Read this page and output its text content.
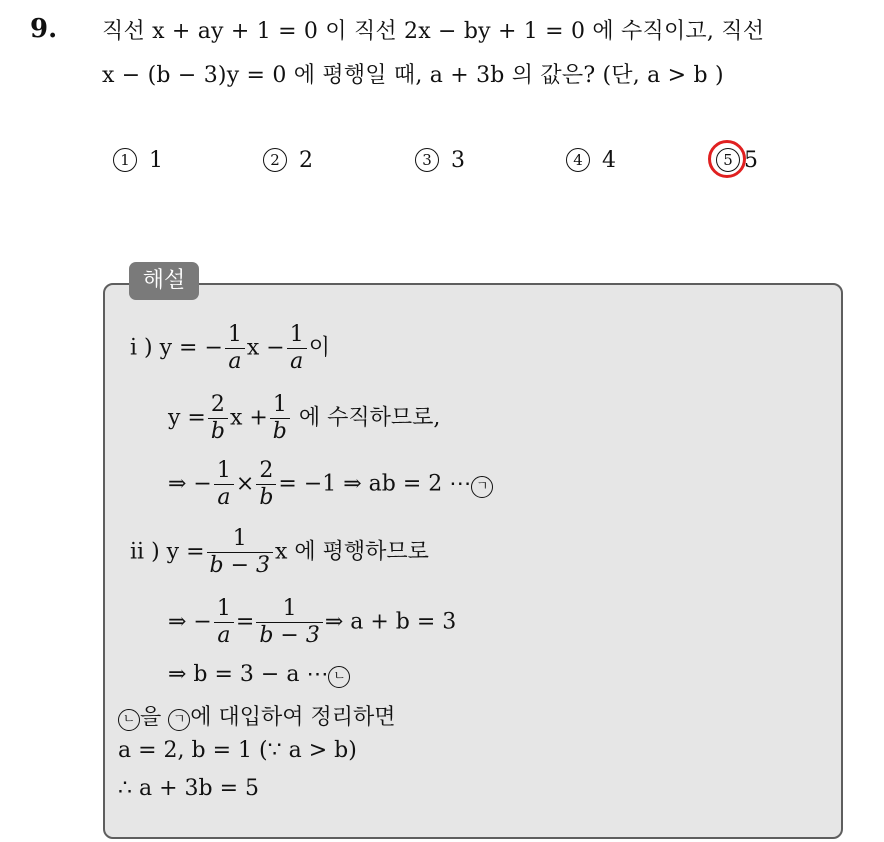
9. 직선 x + ay + 1 = 0 이 직선 2x − by + 1 = 0 에 수직이고, 직선
x − (b − 3)y = 0 에 평행일 때, a + 3b 의 값은? (단, a > b )
1 1	2 2	3 3	4 4	5 5
해설
i ) y = − $\frac{1}{a}$ $x - \frac{1}{a}$ 이
$y = \frac{2}{b}$ $x + \frac{1}{b}$ 에 수직하므로,
⇒ − $\frac{1}{a} \times \frac{2}{b} = -1$ ⇒ ab = 2 ⋯ ㄱ
ii ) $y = \frac{1}{b - 3}$ x 에 평행하므로
⇒ − $\frac{1}{a} = \frac{1}{b - 3}$ ⇒ a + b = 3
⇒ b = 3 − a ⋯ ㄴ
ㄴ 을 ㄱ 에 대입하여 정리하면
a = 2, b = 1 (∵ a > b)
∴ a + 3b = 5
